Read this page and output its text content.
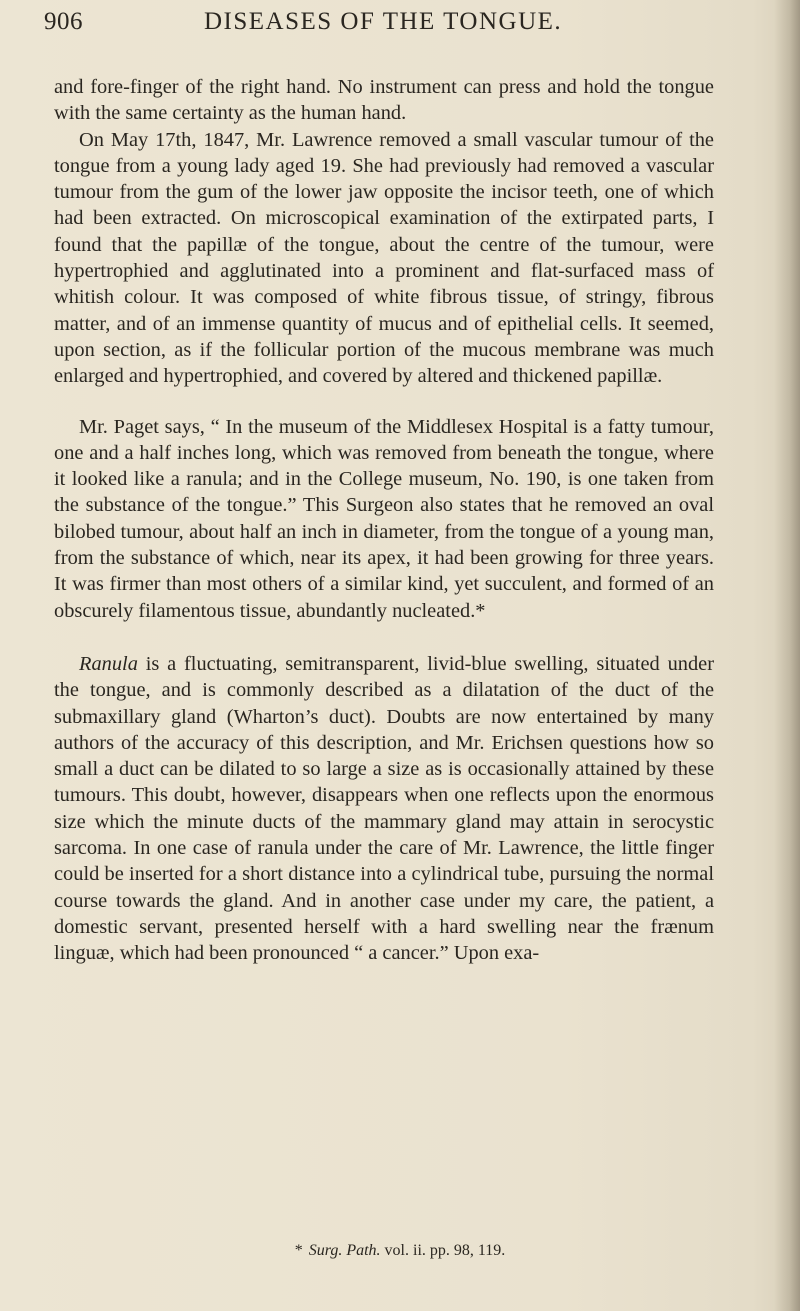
906	DISEASES OF THE TONGUE.

and fore-finger of the right hand. No instrument can press and hold the tongue with the same certainty as the human hand.

On May 17th, 1847, Mr. Lawrence removed a small vascular tumour of the tongue from a young lady aged 19. She had previously had removed a vascular tumour from the gum of the lower jaw opposite the incisor teeth, one of which had been extracted. On microscopical examination of the extirpated parts, I found that the papillæ of the tongue, about the centre of the tumour, were hypertrophied and agglutinated into a prominent and flat-surfaced mass of whitish colour. It was composed of white fibrous tissue, of stringy, fibrous matter, and of an immense quantity of mucus and of epithelial cells. It seemed, upon section, as if the follicular portion of the mucous membrane was much enlarged and hypertrophied, and covered by altered and thickened papillæ.

Mr. Paget says, “ In the museum of the Middlesex Hospital is a fatty tumour, one and a half inches long, which was removed from beneath the tongue, where it looked like a ranula; and in the College museum, No. 190, is one taken from the substance of the tongue.” This Surgeon also states that he removed an oval bilobed tumour, about half an inch in diameter, from the tongue of a young man, from the substance of which, near its apex, it had been growing for three years. It was firmer than most others of a similar kind, yet succulent, and formed of an obscurely filamentous tissue, abundantly nucleated.*

Ranula is a fluctuating, semitransparent, livid-blue swelling, situated under the tongue, and is commonly described as a dilatation of the duct of the submaxillary gland (Wharton’s duct). Doubts are now entertained by many authors of the accuracy of this description, and Mr. Erichsen questions how so small a duct can be dilated to so large a size as is occasionally attained by these tumours. This doubt, however, disappears when one reflects upon the enormous size which the minute ducts of the mammary gland may attain in serocystic sarcoma. In one case of ranula under the care of Mr. Lawrence, the little finger could be inserted for a short distance into a cylindrical tube, pursuing the normal course towards the gland. And in another case under my care, the patient, a domestic servant, presented herself with a hard swelling near the frænum linguæ, which had been pronounced “ a cancer.” Upon exa-

* Surg. Path. vol. ii. pp. 98, 119.
